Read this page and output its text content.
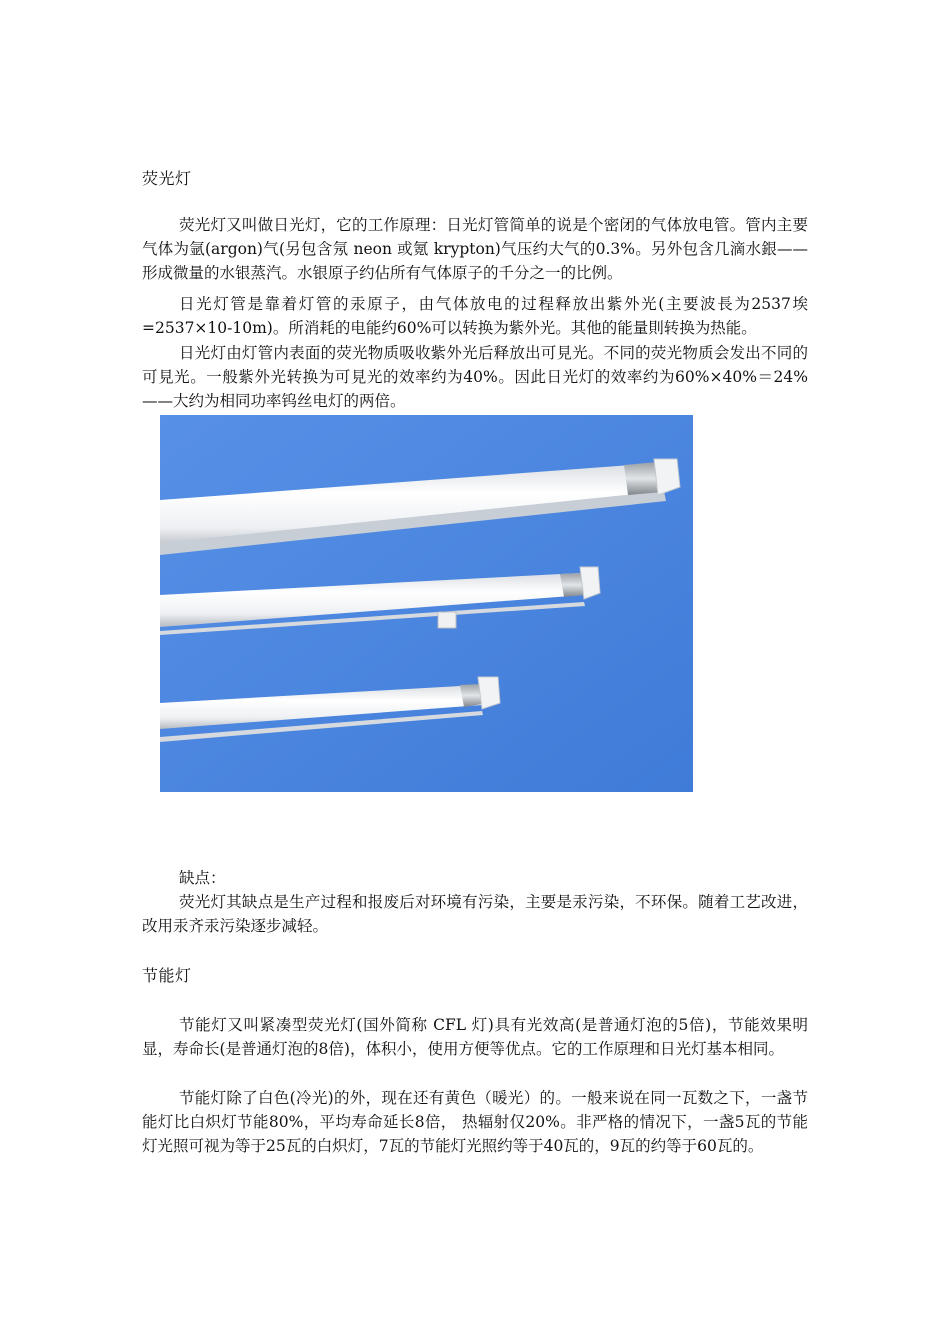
荧光灯

荧光灯又叫做日光灯，它的工作原理：日光灯管简单的说是个密闭的气体放电管。管内主要气体为氩(argon)气(另包含氖 neon 或氪 krypton)气压约大气的0.3%。另外包含几滴水銀——形成微量的水银蒸汽。水银原子约佔所有气体原子的千分之一的比例。

日光灯管是靠着灯管的汞原子，由气体放电的过程释放出紫外光(主要波長为2537埃=2537×10-10m)。所消耗的电能约60%可以转换为紫外光。其他的能量則转换为热能。

日光灯由灯管内表面的荧光物质吸收紫外光后释放出可見光。不同的荧光物质会发出不同的可見光。一般紫外光转换为可見光的效率约为40%。因此日光灯的效率约为60%×40%＝24%——大约为相同功率钨丝电灯的两倍。

缺点：

荧光灯其缺点是生产过程和报废后对环境有污染，主要是汞污染，不环保。随着工艺改进，改用汞齐汞污染逐步减轻。

节能灯

节能灯又叫紧凑型荧光灯(国外简称 CFL 灯)具有光效高(是普通灯泡的5倍)，节能效果明显，寿命长(是普通灯泡的8倍)，体积小，使用方便等优点。它的工作原理和日光灯基本相同。

节能灯除了白色(冷光)的外，现在还有黄色（暖光）的。一般来说在同一瓦数之下，一盏节能灯比白炽灯节能80%，平均寿命延长8倍， 热辐射仅20%。非严格的情况下，一盏5瓦的节能灯光照可视为等于25瓦的白炽灯，7瓦的节能灯光照约等于40瓦的，9瓦的约等于60瓦的。
